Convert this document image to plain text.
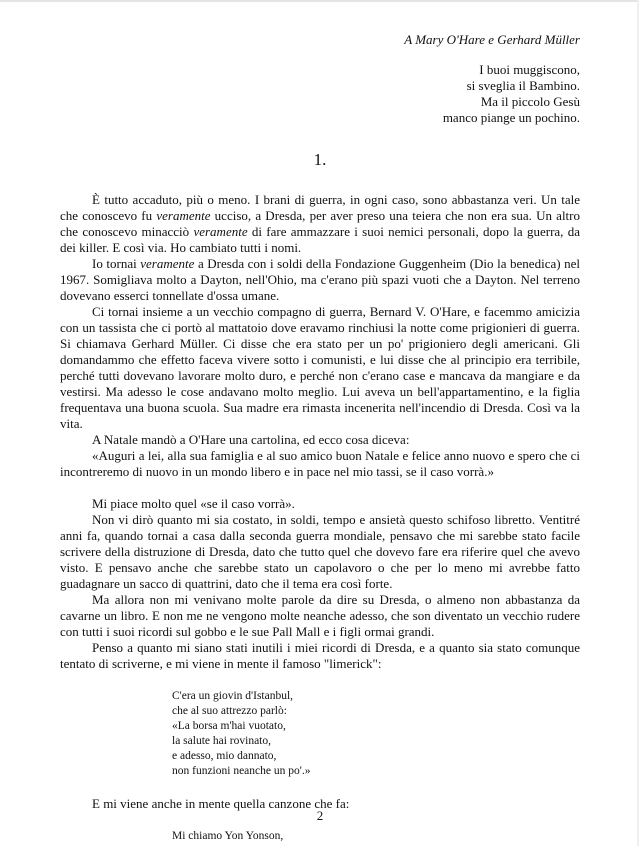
A Mary O'Hare e Gerhard Müller
I buoi muggiscono,
si sveglia il Bambino.
Ma il piccolo Gesù
manco piange un pochino.
1.

È tutto accaduto, più o meno. I brani di guerra, in ogni caso, sono abbastanza veri. Un tale che conoscevo fu veramente ucciso, a Dresda, per aver preso una teiera che non era sua. Un altro che conoscevo minacciò veramente di fare ammazzare i suoi nemici personali, dopo la guerra, da dei killer. E così via. Ho cambiato tutti i nomi.

Io tornai veramente a Dresda con i soldi della Fondazione Guggenheim (Dio la benedica) nel 1967. Somigliava molto a Dayton, nell'Ohio, ma c'erano più spazi vuoti che a Dayton. Nel terreno dovevano esserci tonnellate d'ossa umane.

Ci tornai insieme a un vecchio compagno di guerra, Bernard V. O'Hare, e facemmo amicizia con un tassista che ci portò al mattatoio dove eravamo rinchiusi la notte come prigionieri di guerra. Si chiamava Gerhard Müller. Ci disse che era stato per un po' prigioniero degli americani. Gli domandammo che effetto faceva vivere sotto i comunisti, e lui disse che al principio era terribile, perché tutti dovevano lavorare molto duro, e perché non c'erano case e mancava da mangiare e da vestirsi. Ma adesso le cose andavano molto meglio. Lui aveva un bell'appartamentino, e la figlia frequentava una buona scuola. Sua madre era rimasta incenerita nell'incendio di Dresda. Così va la vita.

A Natale mandò a O'Hare una cartolina, ed ecco cosa diceva:

«Auguri a lei, alla sua famiglia e al suo amico buon Natale e felice anno nuovo e spero che ci incontreremo di nuovo in un mondo libero e in pace nel mio tassi, se il caso vorrà.»

Mi piace molto quel «se il caso vorrà».

Non vi dirò quanto mi sia costato, in soldi, tempo e ansietà questo schifoso libretto. Ventitré anni fa, quando tornai a casa dalla seconda guerra mondiale, pensavo che mi sarebbe stato facile scrivere della distruzione di Dresda, dato che tutto quel che dovevo fare era riferire quel che avevo visto. E pensavo anche che sarebbe stato un capolavoro o che per lo meno mi avrebbe fatto guadagnare un sacco di quattrini, dato che il tema era così forte.

Ma allora non mi venivano molte parole da dire su Dresda, o almeno non abbastanza da cavarne un libro. E non me ne vengono molte neanche adesso, che son diventato un vecchio rudere con tutti i suoi ricordi sul gobbo e le sue Pall Mall e i figli ormai grandi.

Penso a quanto mi siano stati inutili i miei ricordi di Dresda, e a quanto sia stato comunque tentato di scriverne, e mi viene in mente il famoso "limerick":

C'era un giovin d'Istanbul,
che al suo attrezzo parlò:
«La borsa m'hai vuotato,
la salute hai rovinato,
e adesso, mio dannato,
non funzioni neanche un po'.»

E mi viene anche in mente quella canzone che fa:

Mi chiamo Yon Yonson,
2
